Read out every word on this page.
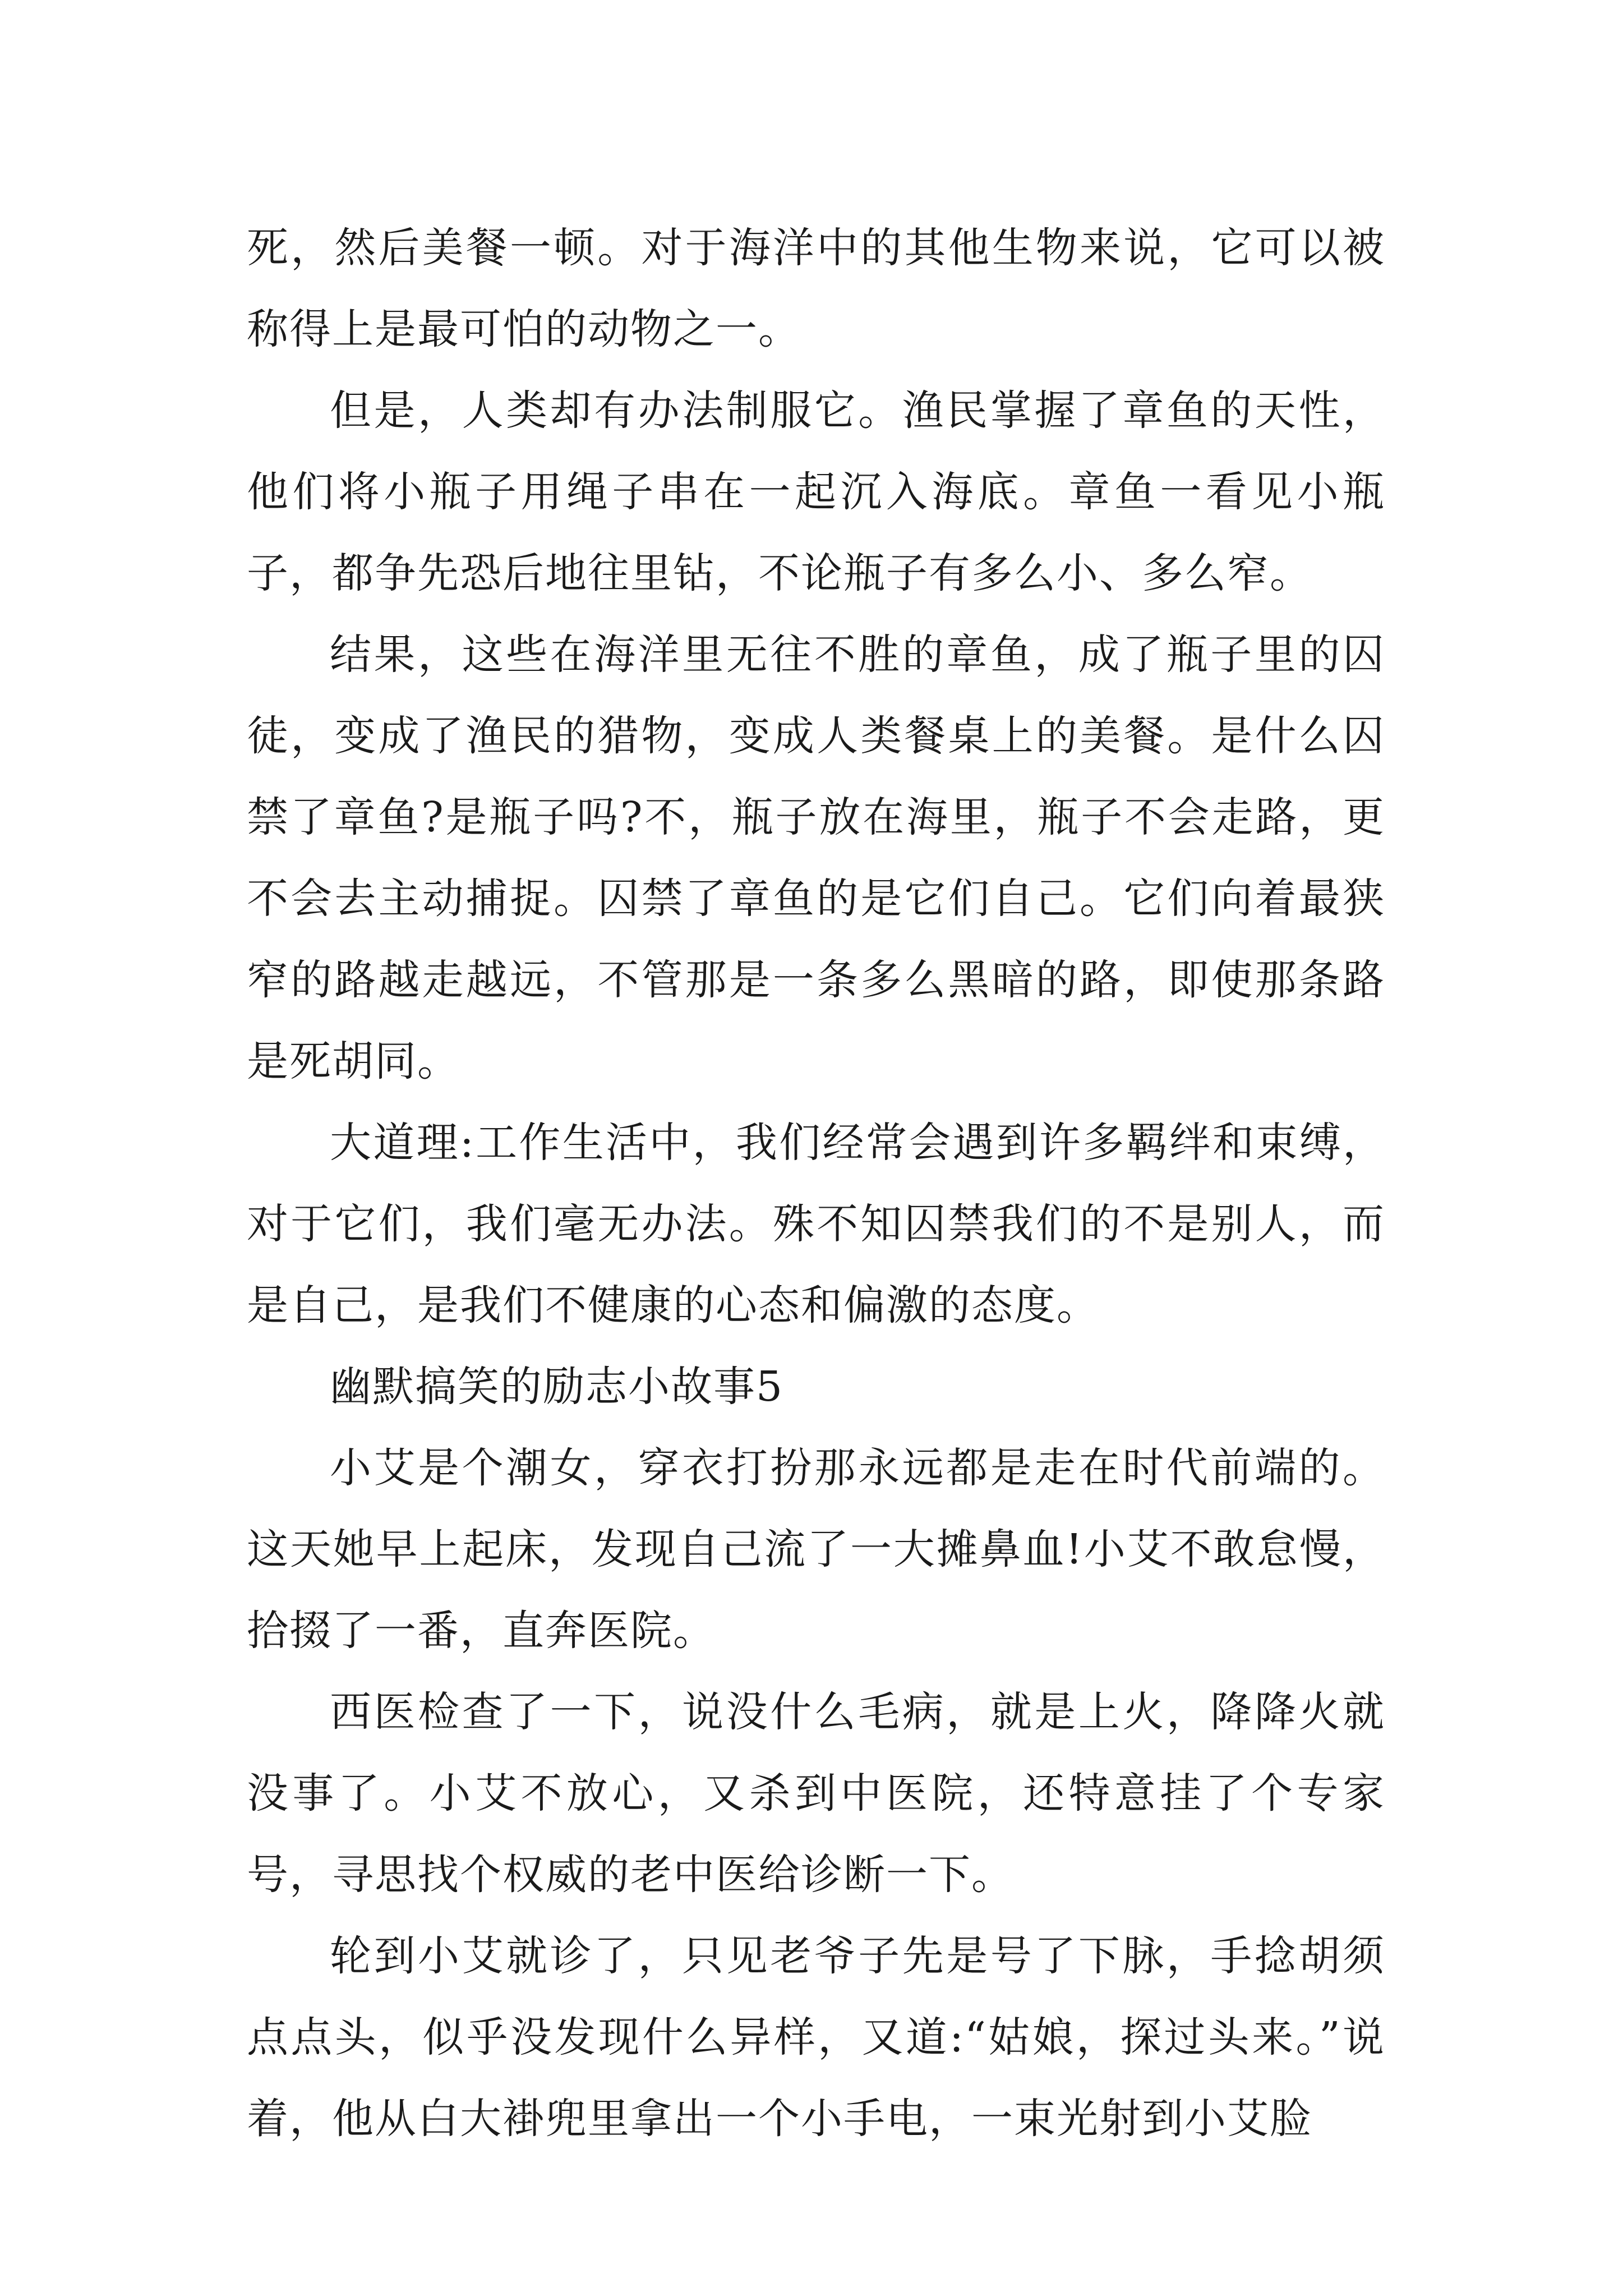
死，然后美餐一顿。对于海洋中的其他生物来说，它可以被称得上是最可怕的动物之一。

但是，人类却有办法制服它。渔民掌握了章鱼的天性，他们将小瓶子用绳子串在一起沉入海底。章鱼一看见小瓶子，都争先恐后地往里钻，不论瓶子有多么小、多么窄。

结果，这些在海洋里无往不胜的章鱼，成了瓶子里的囚徒，变成了渔民的猎物，变成人类餐桌上的美餐。是什么囚禁了章鱼?是瓶子吗?不，瓶子放在海里，瓶子不会走路，更不会去主动捕捉。囚禁了章鱼的是它们自己。它们向着最狭窄的路越走越远，不管那是一条多么黑暗的路，即使那条路是死胡同。

大道理:工作生活中，我们经常会遇到许多羁绊和束缚，对于它们，我们毫无办法。殊不知囚禁我们的不是别人，而是自己，是我们不健康的心态和偏激的态度。

幽默搞笑的励志小故事5

小艾是个潮女，穿衣打扮那永远都是走在时代前端的。这天她早上起床，发现自己流了一大摊鼻血!小艾不敢怠慢，拾掇了一番，直奔医院。

西医检查了一下，说没什么毛病，就是上火，降降火就没事了。小艾不放心，又杀到中医院，还特意挂了个专家号，寻思找个权威的老中医给诊断一下。

轮到小艾就诊了，只见老爷子先是号了下脉，手捻胡须点点头，似乎没发现什么异样，又道:“姑娘，探过头来。”说着，他从白大褂兜里拿出一个小手电，一束光射到小艾脸
